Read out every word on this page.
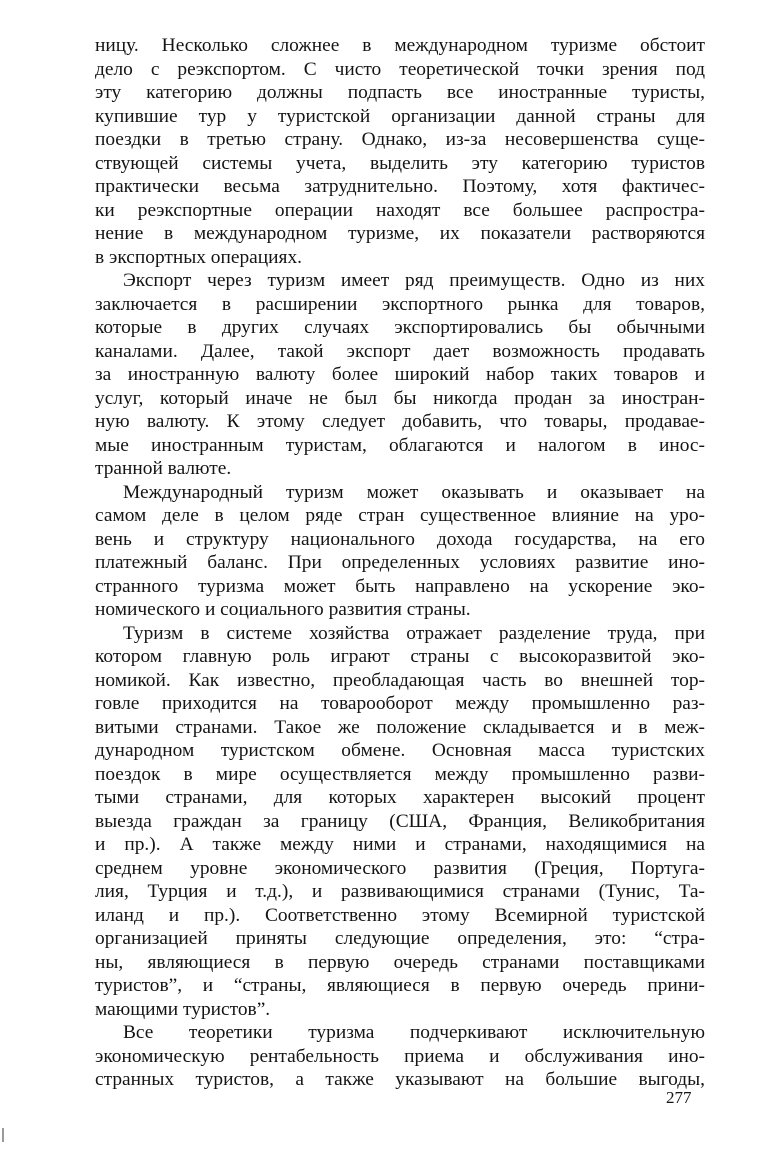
ницу. Несколько сложнее в международном туризме обстоит
дело с реэкспортом. С чисто теоретической точки зрения под
эту категорию должны подпасть все иностранные туристы,
купившие тур у туристской организации данной страны для
поездки в третью страну. Однако, из-за несовершенства суще-
ствующей системы учета, выделить эту категорию туристов
практически весьма затруднительно. Поэтому, хотя фактичес-
ки реэкспортные операции находят все большее распростра-
нение в международном туризме, их показатели растворяются
в экспортных операциях.
Экспорт через туризм имеет ряд преимуществ. Одно из них
заключается в расширении экспортного рынка для товаров,
которые в других случаях экспортировались бы обычными
каналами. Далее, такой экспорт дает возможность продавать
за иностранную валюту более широкий набор таких товаров и
услуг, который иначе не был бы никогда продан за иностран-
ную валюту. К этому следует добавить, что товары, продавае-
мые иностранным туристам, облагаются и налогом в инос-
транной валюте.
Международный туризм может оказывать и оказывает на
самом деле в целом ряде стран существенное влияние на уро-
вень и структуру национального дохода государства, на его
платежный баланс. При определенных условиях развитие ино-
странного туризма может быть направлено на ускорение эко-
номического и социального развития страны.
Туризм в системе хозяйства отражает разделение труда, при
котором главную роль играют страны с высокоразвитой эко-
номикой. Как известно, преобладающая часть во внешней тор-
говле приходится на товарооборот между промышленно раз-
витыми странами. Такое же положение складывается и в меж-
дународном туристском обмене. Основная масса туристских
поездок в мире осуществляется между промышленно разви-
тыми странами, для которых характерен высокий процент
выезда граждан за границу (США, Франция, Великобритания
и пр.). А также между ними и странами, находящимися на
среднем уровне экономического развития (Греция, Португа-
лия, Турция и т.д.), и развивающимися странами (Тунис, Та-
иланд и пр.). Соответственно этому Всемирной туристской
организацией приняты следующие определения, это: “стра-
ны, являющиеся в первую очередь странами поставщиками
туристов”, и “страны, являющиеся в первую очередь прини-
мающими туристов”.
Все теоретики туризма подчеркивают исключительную
экономическую рентабельность приема и обслуживания ино-
странных туристов, а также указывают на большие выгоды,
277
